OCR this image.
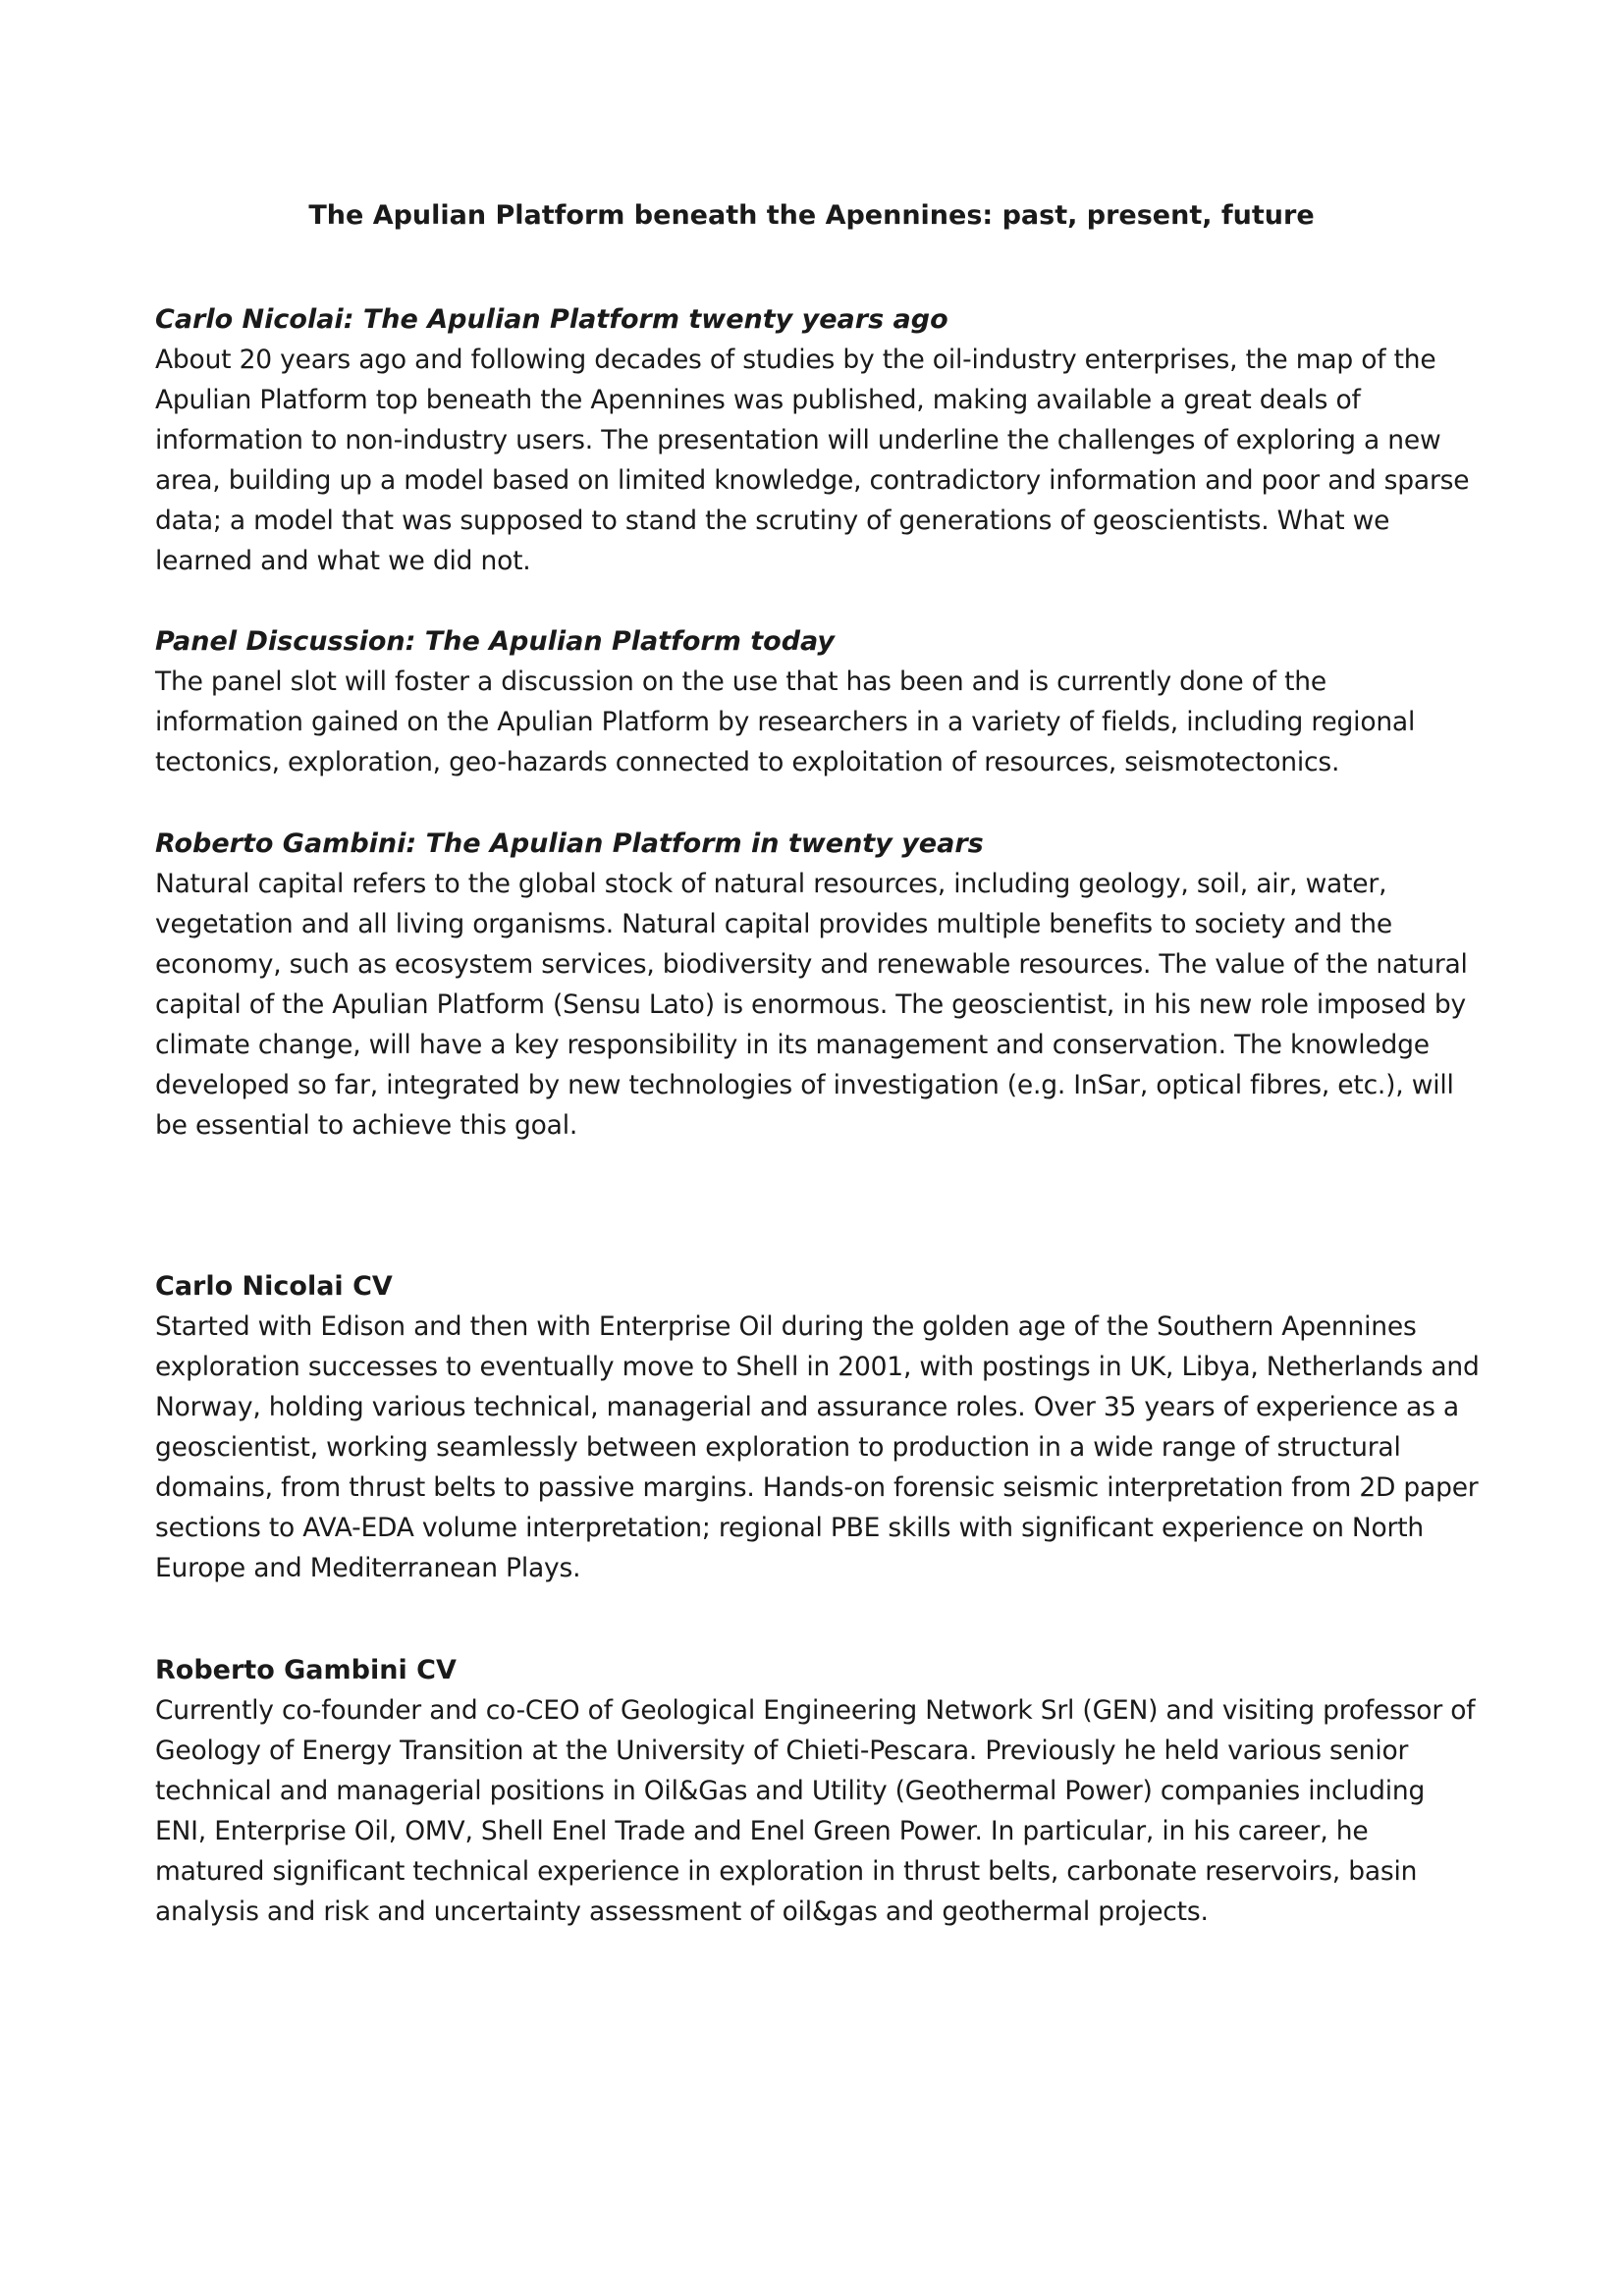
The Apulian Platform beneath the Apennines: past, present, future
Carlo Nicolai: The Apulian Platform twenty years ago

About 20 years ago and following decades of studies by the oil-industry enterprises, the map of the Apulian Platform top beneath the Apennines was published, making available a great deals of information to non-industry users. The presentation will underline the challenges of exploring a new area, building up a model based on limited knowledge, contradictory information and poor and sparse data; a model that was supposed to stand the scrutiny of generations of geoscientists. What we learned and what we did not.

Panel Discussion: The Apulian Platform today

The panel slot will foster a discussion on the use that has been and is currently done of the information gained on the Apulian Platform by researchers in a variety of fields, including regional tectonics, exploration, geo-hazards connected to exploitation of resources, seismotectonics.

Roberto Gambini: The Apulian Platform in twenty years

Natural capital refers to the global stock of natural resources, including geology, soil, air, water, vegetation and all living organisms. Natural capital provides multiple benefits to society and the economy, such as ecosystem services, biodiversity and renewable resources. The value of the natural capital of the Apulian Platform (Sensu Lato) is enormous. The geoscientist, in his new role imposed by climate change, will have a key responsibility in its management and conservation. The knowledge developed so far, integrated by new technologies of investigation (e.g. InSar, optical fibres, etc.), will be essential to achieve this goal.

Carlo Nicolai CV

Started with Edison and then with Enterprise Oil during the golden age of the Southern Apennines exploration successes to eventually move to Shell in 2001, with postings in UK, Libya, Netherlands and Norway, holding various technical, managerial and assurance roles. Over 35 years of experience as a geoscientist, working seamlessly between exploration to production in a wide range of structural domains, from thrust belts to passive margins. Hands-on forensic seismic interpretation from 2D paper sections to AVA-EDA volume interpretation; regional PBE skills with significant experience on North Europe and Mediterranean Plays.

Roberto Gambini CV

Currently co-founder and co-CEO of Geological Engineering Network Srl (GEN) and visiting professor of Geology of Energy Transition at the University of Chieti-Pescara. Previously he held various senior technical and managerial positions in Oil&Gas and Utility (Geothermal Power) companies including ENI, Enterprise Oil, OMV, Shell Enel Trade and Enel Green Power. In particular, in his career, he matured significant technical experience in exploration in thrust belts, carbonate reservoirs, basin analysis and risk and uncertainty assessment of oil&gas and geothermal projects.
